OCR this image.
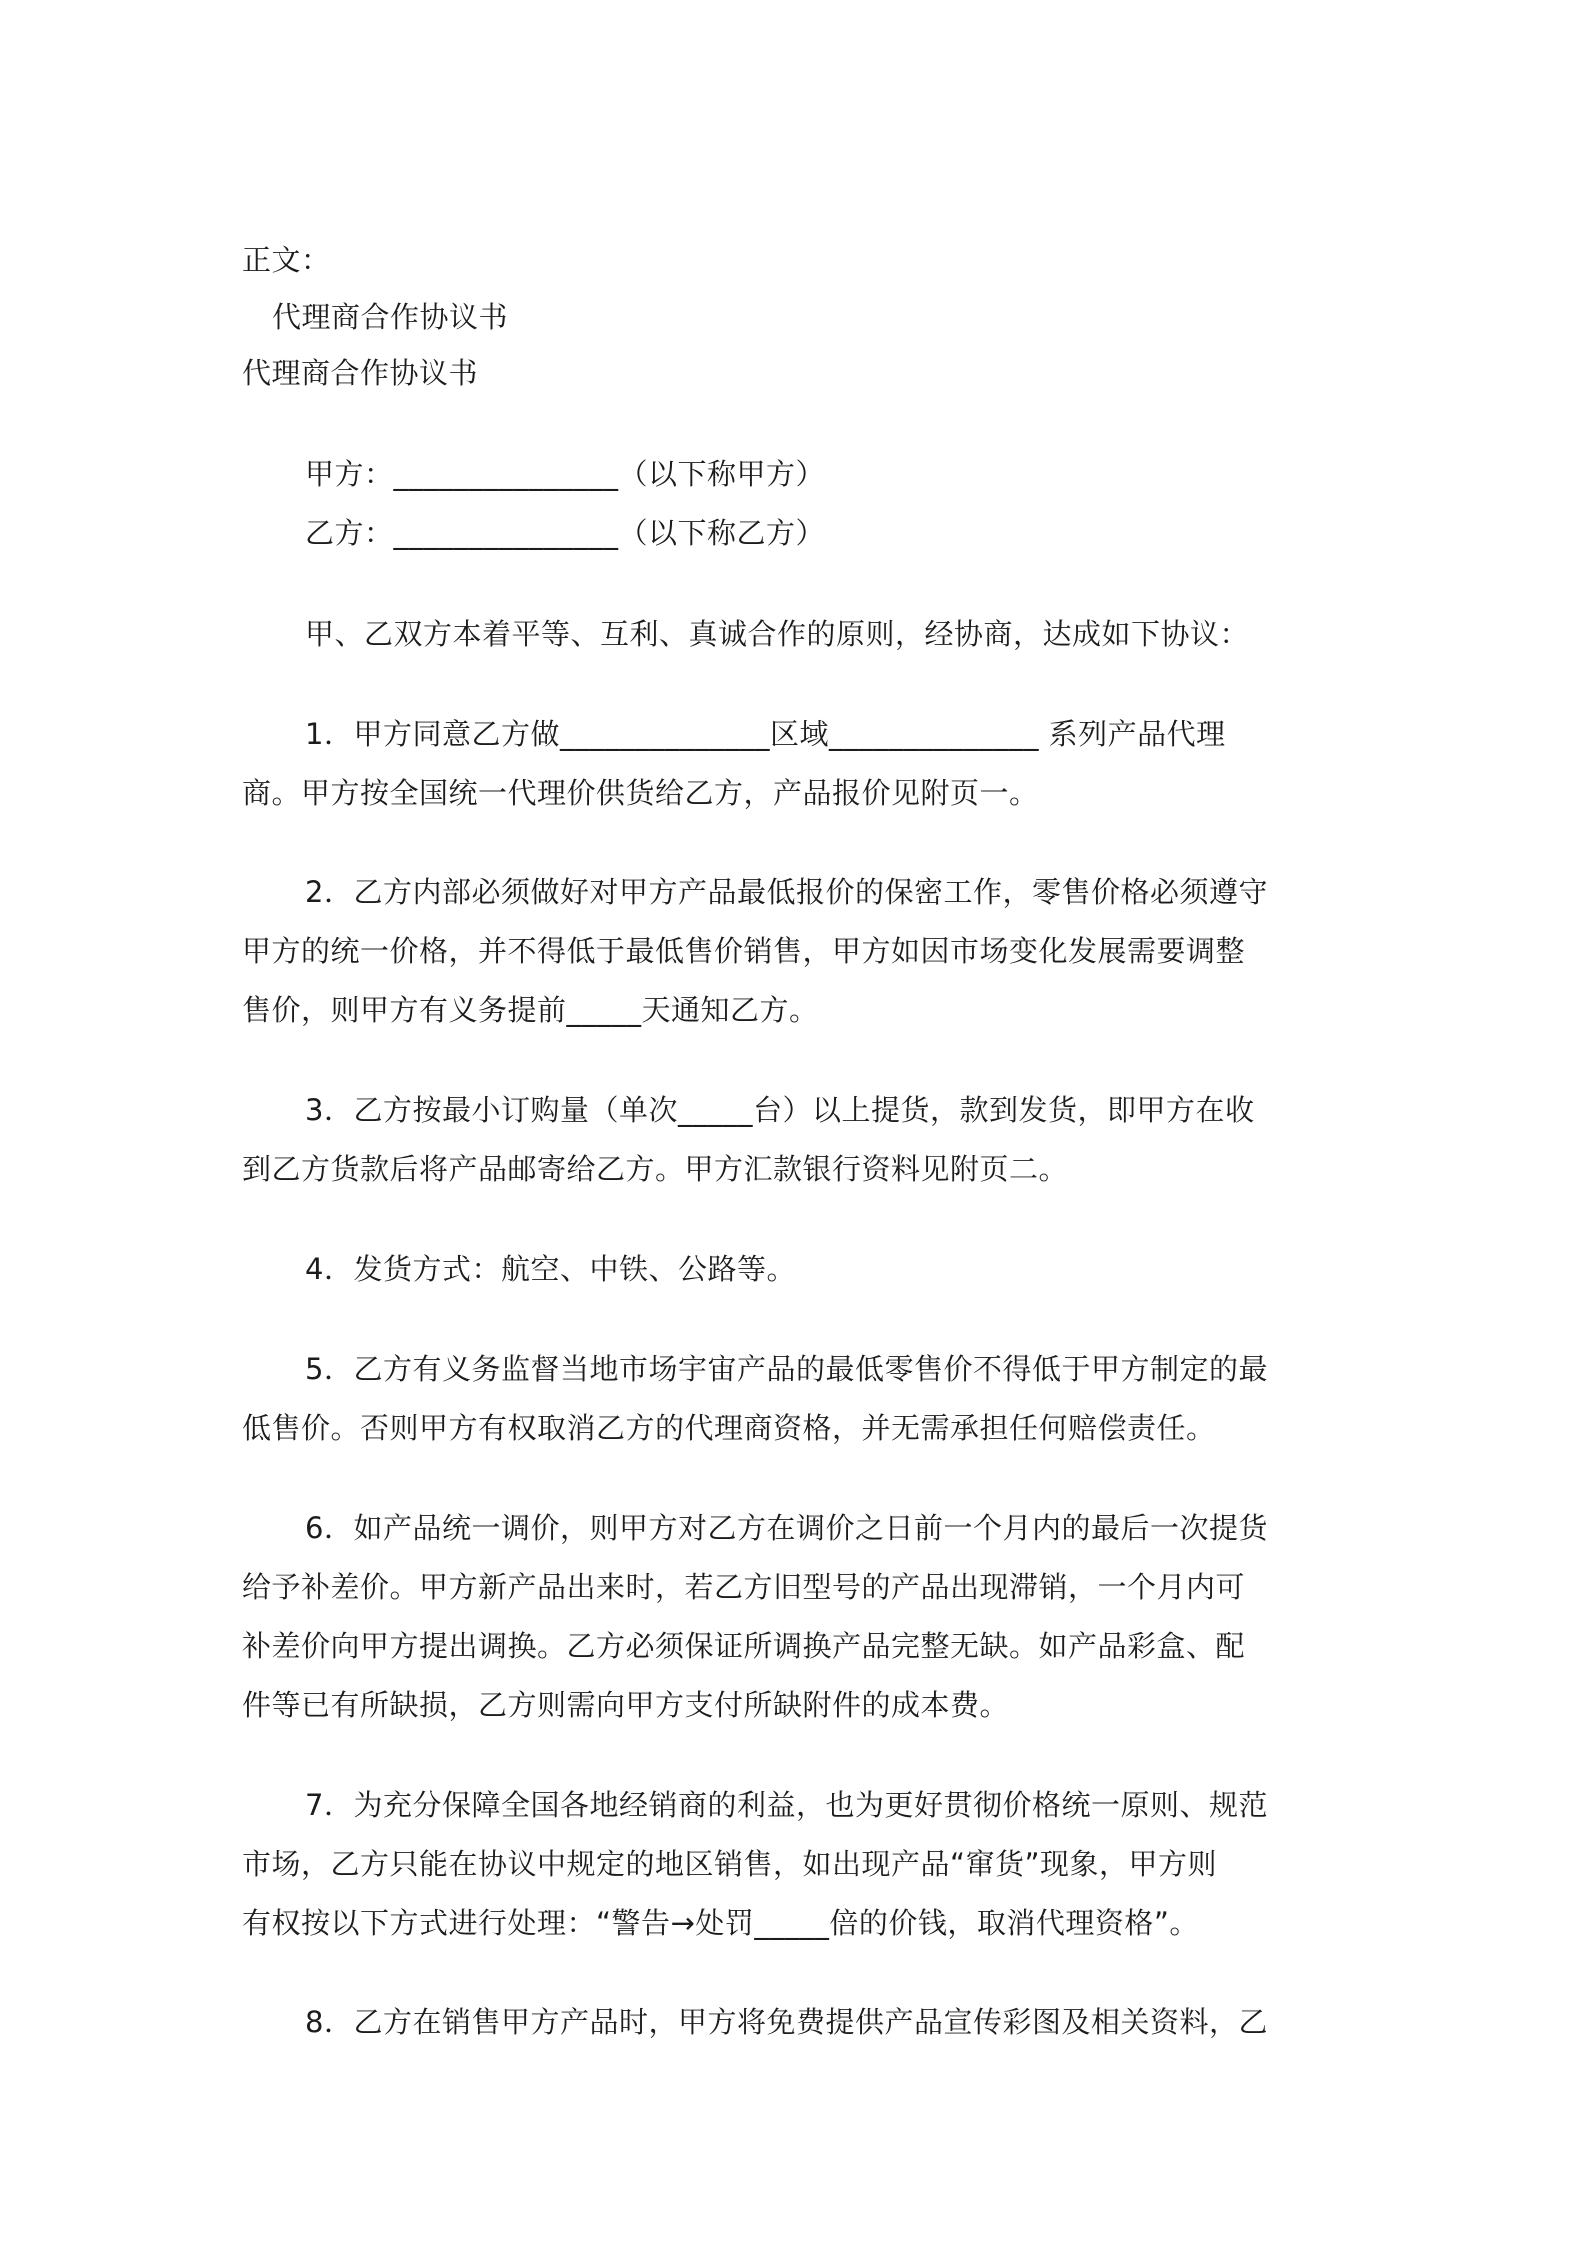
正文：
代理商合作协议书
代理商合作协议书
甲方：_______________（以下称甲方）
乙方：_______________（以下称乙方）
甲、乙双方本着平等、互利、真诚合作的原则，经协商，达成如下协议：
1．甲方同意乙方做______________区域______________ 系列产品代理
商。甲方按全国统一代理价供货给乙方，产品报价见附页一。
2．乙方内部必须做好对甲方产品最低报价的保密工作，零售价格必须遵守
甲方的统一价格，并不得低于最低售价销售，甲方如因市场变化发展需要调整
售价，则甲方有义务提前_____天通知乙方。
3．乙方按最小订购量（单次_____台）以上提货，款到发货，即甲方在收
到乙方货款后将产品邮寄给乙方。甲方汇款银行资料见附页二。
4．发货方式：航空、中铁、公路等。
5．乙方有义务监督当地市场宇宙产品的最低零售价不得低于甲方制定的最
低售价。否则甲方有权取消乙方的代理商资格，并无需承担任何赔偿责任。
6．如产品统一调价，则甲方对乙方在调价之日前一个月内的最后一次提货
给予补差价。甲方新产品出来时，若乙方旧型号的产品出现滞销，一个月内可
补差价向甲方提出调换。乙方必须保证所调换产品完整无缺。如产品彩盒、配
件等已有所缺损，乙方则需向甲方支付所缺附件的成本费。
7．为充分保障全国各地经销商的利益，也为更好贯彻价格统一原则、规范
市场，乙方只能在协议中规定的地区销售，如出现产品“窜货”现象，甲方则
有权按以下方式进行处理：“警告→处罚_____倍的价钱，取消代理资格”。
8．乙方在销售甲方产品时，甲方将免费提供产品宣传彩图及相关资料，乙
